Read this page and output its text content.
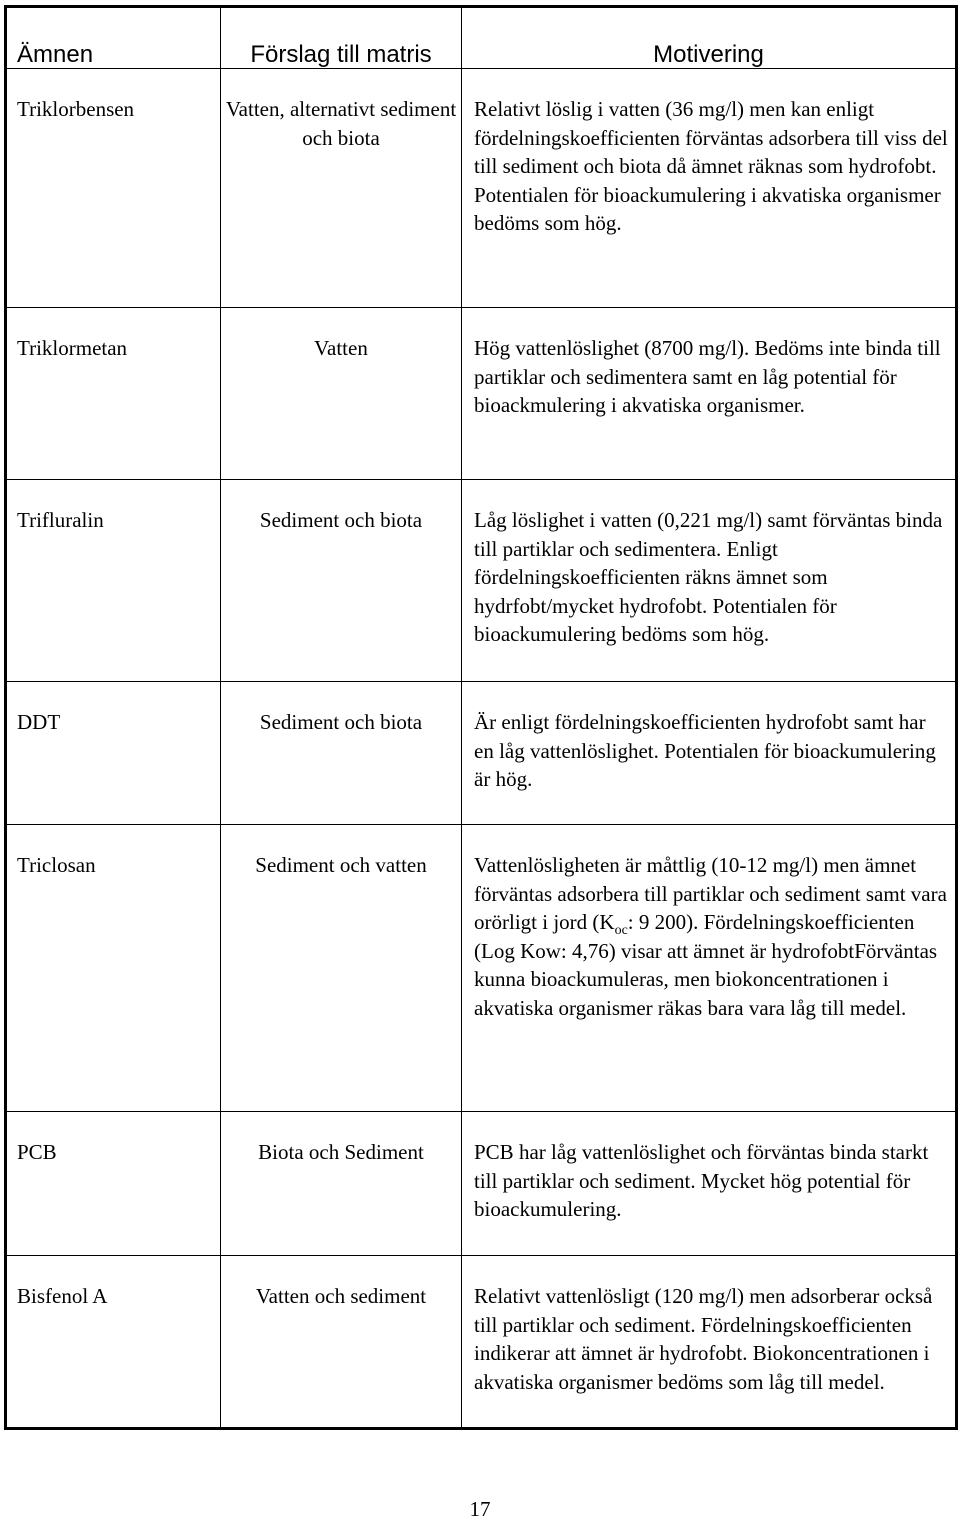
Ämnen	Förslag till matris	Motivering
Triklorbensen	Vatten, alternativt sediment och biota	Relativt löslig i vatten (36 mg/l) men kan enligt fördelningskoefficienten förväntas adsorbera till viss del till sediment och biota då ämnet räknas som hydrofobt. Potentialen för bioackumulering i akvatiska organismer bedöms som hög.
Triklormetan	Vatten	Hög vattenlöslighet (8700 mg/l). Bedöms inte binda till partiklar och sedimentera samt en låg potential för bioackmulering i akvatiska organismer.
Trifluralin	Sediment och biota	Låg löslighet i vatten (0,221 mg/l) samt förväntas binda till partiklar och sedimentera. Enligt fördelningskoefficienten räkns ämnet som hydrfobt/mycket hydrofobt. Potentialen för bioackumulering bedöms som hög.
DDT	Sediment och biota	Är enligt fördelningskoefficienten hydrofobt samt har en låg vattenlöslighet. Potentialen för bioackumulering är hög.
Triclosan	Sediment och vatten	Vattenlösligheten är måttlig (10-12 mg/l) men ämnet förväntas adsorbera till partiklar och sediment samt vara orörligt i jord ($K_{oc}$: 9 200). Fördelningskoefficienten (Log Kow: 4,76) visar att ämnet är hydrofobtFörväntas kunna bioackumuleras, men biokoncentrationen i akvatiska organismer räkas bara vara låg till medel.
PCB	Biota och Sediment	PCB har låg vattenlöslighet och förväntas binda starkt till partiklar och sediment. Mycket hög potential för bioackumulering.
Bisfenol A	Vatten och sediment	Relativt vattenlösligt (120 mg/l) men adsorberar också till partiklar och sediment. Fördelningskoefficienten indikerar att ämnet är hydrofobt. Biokoncentrationen i akvatiska organismer bedöms som låg till medel.
17
